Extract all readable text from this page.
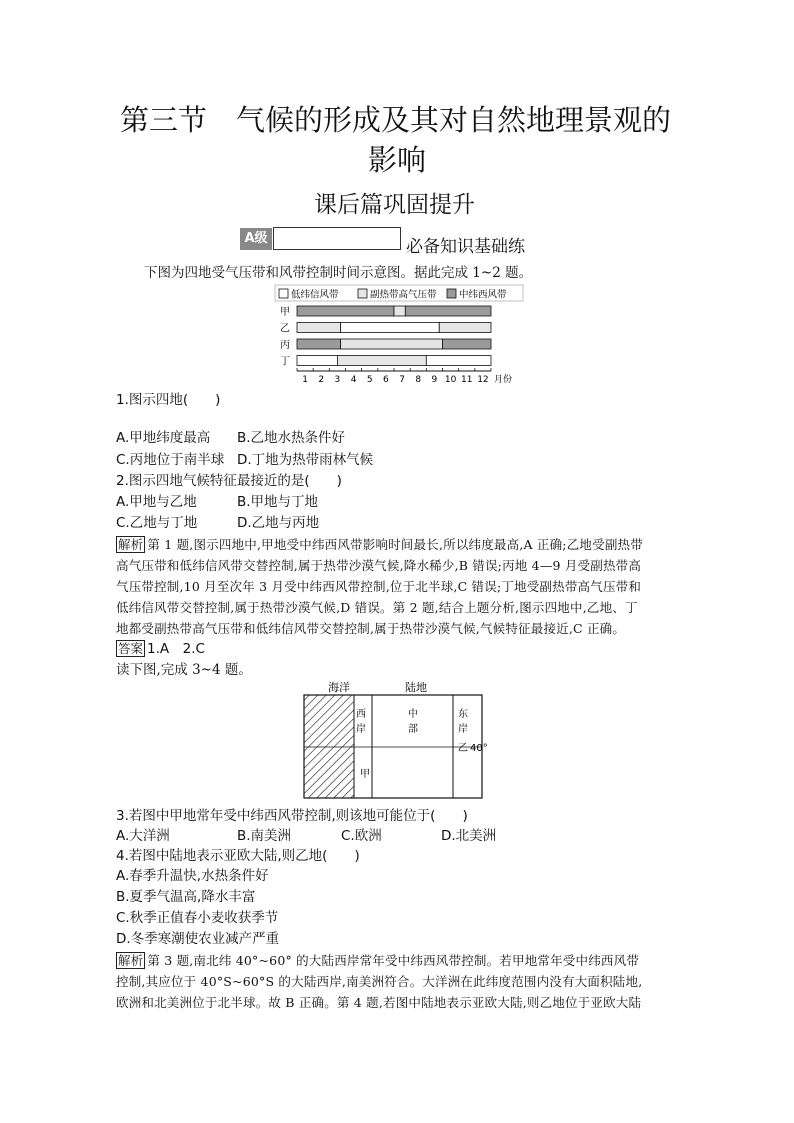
第三节　气候的形成及其对自然地理景观的
影响
课后篇巩固提升
A级	必备知识基础练
下图为四地受气压带和风带控制时间示意图。据此完成 1~2 题。
低纬信风带	副热带高气压带 中纬西风带
甲
乙
丙
丁
1 2 3 4 5 6 7 8 9 10 11 12 月份
1.图示四地(　　)
A.甲地纬度最高 B.乙地水热条件好
C.丙地位于南半球 D.丁地为热带雨林气候
2.图示四地气候特征最接近的是(　　)
A.甲地与乙地	B.甲地与丁地
C.乙地与丁地	D.乙地与丙地
解析 第 1 题,图示四地中,甲地受中纬西风带影响时间最长,所以纬度最高,A 正确;乙地受副热带
高气压带和低纬信风带交替控制,属于热带沙漠气候,降水稀少,B 错误;丙地 4—9 月受副热带高
气压带控制,10 月至次年 3 月受中纬西风带控制,位于北半球,C 错误;丁地受副热带高气压带和
低纬信风带交替控制,属于热带沙漠气候,D 错误。第 2 题,结合上题分析,图示四地中,乙地、丁
地都受副热带高气压带和低纬信风带交替控制,属于热带沙漠气候,气候特征最接近,C 正确。
答案 1.A　2.C
读下图,完成 3~4 题。
海洋	陆地
西
岸
中
部
东
岸
乙 40°
甲
3.若图中甲地常年受中纬西风带控制,则该地可能位于(　　)
A.大洋洲	B.南美洲	C.欧洲	D.北美洲
4.若图中陆地表示亚欧大陆,则乙地(　　)
A.春季升温快,水热条件好
B.夏季气温高,降水丰富
C.秋季正值春小麦收获季节
D.冬季寒潮使农业减产严重
解析 第 3 题,南北纬 40°~60° 的大陆西岸常年受中纬西风带控制。若甲地常年受中纬西风带
控制,其应位于 40°S~60°S 的大陆西岸,南美洲符合。大洋洲在此纬度范围内没有大面积陆地,
欧洲和北美洲位于北半球。故 B 正确。第 4 题,若图中陆地表示亚欧大陆,则乙地位于亚欧大陆
